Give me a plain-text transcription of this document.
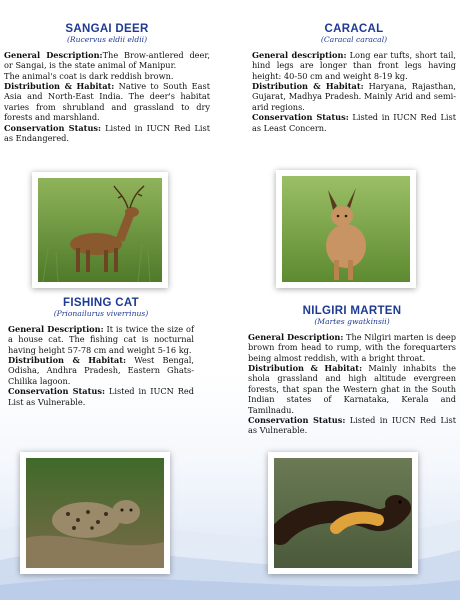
SANGAI DEER
(Rucervus eldii eldii)

General Description:The Brow-antlered deer, or Sangai, is the state animal of Manipur.

The animal's coat is dark reddish brown.

Distribution & Habitat: Native to South East Asia and North-East India. The deer's habitat varies from shrubland and grassland to dry forests and marshland.

Conservation Status: Listed in IUCN Red List as Endangered.

CARACAL
(Caracal caracal)

General description: Long ear tufts, short tail, hind legs are longer than front legs having height: 40-50 cm and weight 8-19 kg.

Distribution & Habitat: Haryana, Rajasthan, Gujarat, Madhya Pradesh. Mainly Arid and semi-arid regions.

Conservation Status: Listed in IUCN Red List as Least Concern.

FISHING CAT
(Prionailurus viverrinus)

General Description: It is twice the size of a house cat. The fishing cat is nocturnal having height 57-78 cm and weight 5-16 kg.

Distribution & Habitat: West Bengal, Odisha, Andhra Pradesh, Eastern Ghats-Chilika lagoon.

Conservation Status: Listed in IUCN Red List as Vulnerable.

NILGIRI MARTEN
(Martes gwatkinsii)

General Description: The Nilgiri marten is deep brown from head to rump, with the forequarters being almost reddish, with a bright throat.

Distribution & Habitat: Mainly inhabits the shola grassland and high altitude evergreen forests, that span the Western ghat in the South Indian states of Karnataka, Kerala and Tamilnadu.

Conservation Status: Listed in IUCN Red List as Vulnerable.
